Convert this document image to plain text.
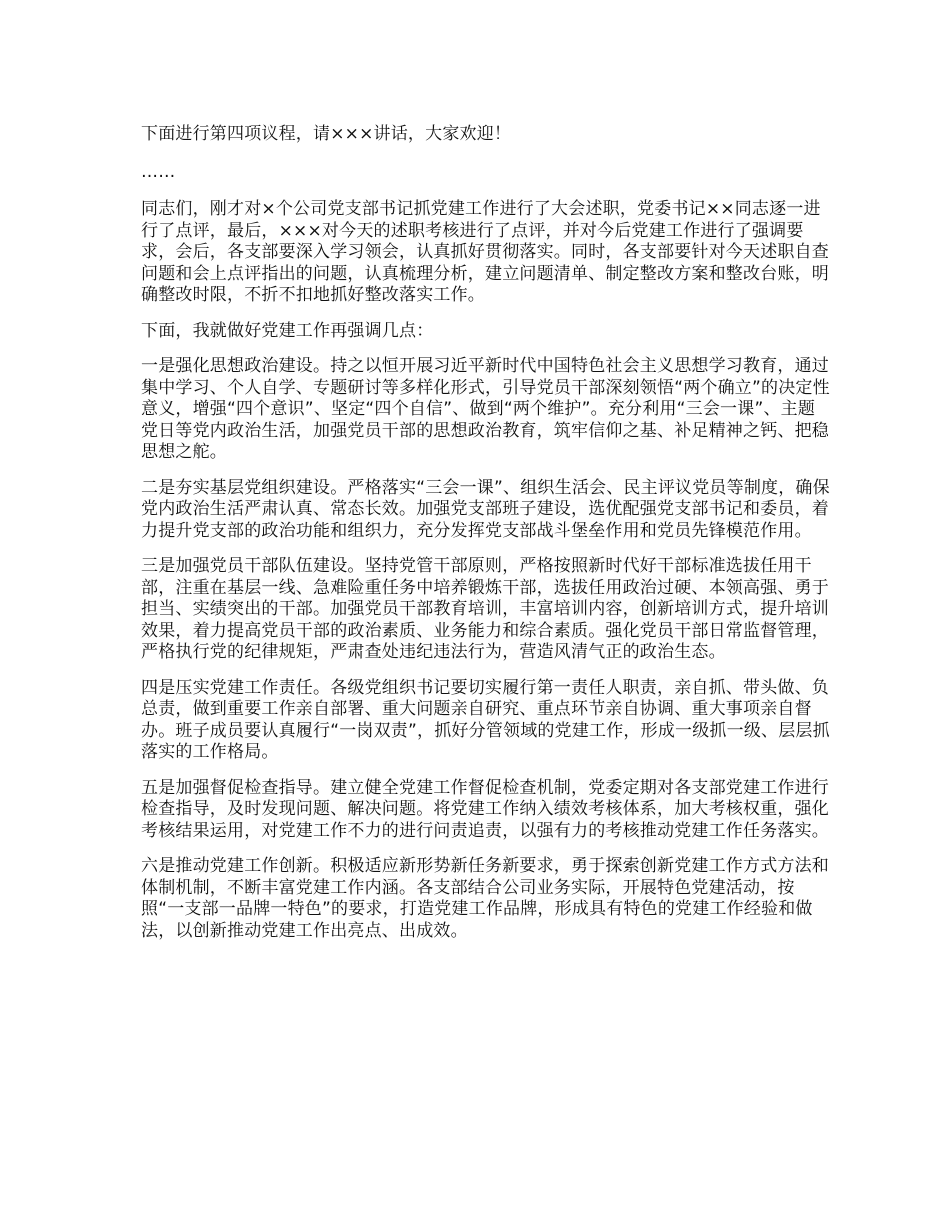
下面进行第四项议程，请×××讲话，大家欢迎！

……

同志们，刚才对×个公司党支部书记抓党建工作进行了大会述职，党委书记××同志逐一进行了点评，最后，×××对今天的述职考核进行了点评，并对今后党建工作进行了强调要求，会后，各支部要深入学习领会，认真抓好贯彻落实。同时，各支部要针对今天述职自查问题和会上点评指出的问题，认真梳理分析，建立问题清单、制定整改方案和整改台账，明确整改时限，不折不扣地抓好整改落实工作。

下面，我就做好党建工作再强调几点：

一是强化思想政治建设。持之以恒开展习近平新时代中国特色社会主义思想学习教育，通过集中学习、个人自学、专题研讨等多样化形式，引导党员干部深刻领悟“两个确立”的决定性意义，增强“四个意识”、坚定“四个自信”、做到“两个维护”。充分利用“三会一课”、主题党日等党内政治生活，加强党员干部的思想政治教育，筑牢信仰之基、补足精神之钙、把稳思想之舵。

二是夯实基层党组织建设。严格落实“三会一课”、组织生活会、民主评议党员等制度，确保党内政治生活严肃认真、常态长效。加强党支部班子建设，选优配强党支部书记和委员，着力提升党支部的政治功能和组织力，充分发挥党支部战斗堡垒作用和党员先锋模范作用。

三是加强党员干部队伍建设。坚持党管干部原则，严格按照新时代好干部标准选拔任用干部，注重在基层一线、急难险重任务中培养锻炼干部，选拔任用政治过硬、本领高强、勇于担当、实绩突出的干部。加强党员干部教育培训，丰富培训内容，创新培训方式，提升培训效果，着力提高党员干部的政治素质、业务能力和综合素质。强化党员干部日常监督管理，严格执行党的纪律规矩，严肃查处违纪违法行为，营造风清气正的政治生态。

四是压实党建工作责任。各级党组织书记要切实履行第一责任人职责，亲自抓、带头做、负总责，做到重要工作亲自部署、重大问题亲自研究、重点环节亲自协调、重大事项亲自督办。班子成员要认真履行“一岗双责”，抓好分管领域的党建工作，形成一级抓一级、层层抓落实的工作格局。

五是加强督促检查指导。建立健全党建工作督促检查机制，党委定期对各支部党建工作进行检查指导，及时发现问题、解决问题。将党建工作纳入绩效考核体系，加大考核权重，强化考核结果运用，对党建工作不力的进行问责追责，以强有力的考核推动党建工作任务落实。

六是推动党建工作创新。积极适应新形势新任务新要求，勇于探索创新党建工作方式方法和体制机制，不断丰富党建工作内涵。各支部结合公司业务实际，开展特色党建活动，按照“一支部一品牌一特色”的要求，打造党建工作品牌，形成具有特色的党建工作经验和做法，以创新推动党建工作出亮点、出成效。
